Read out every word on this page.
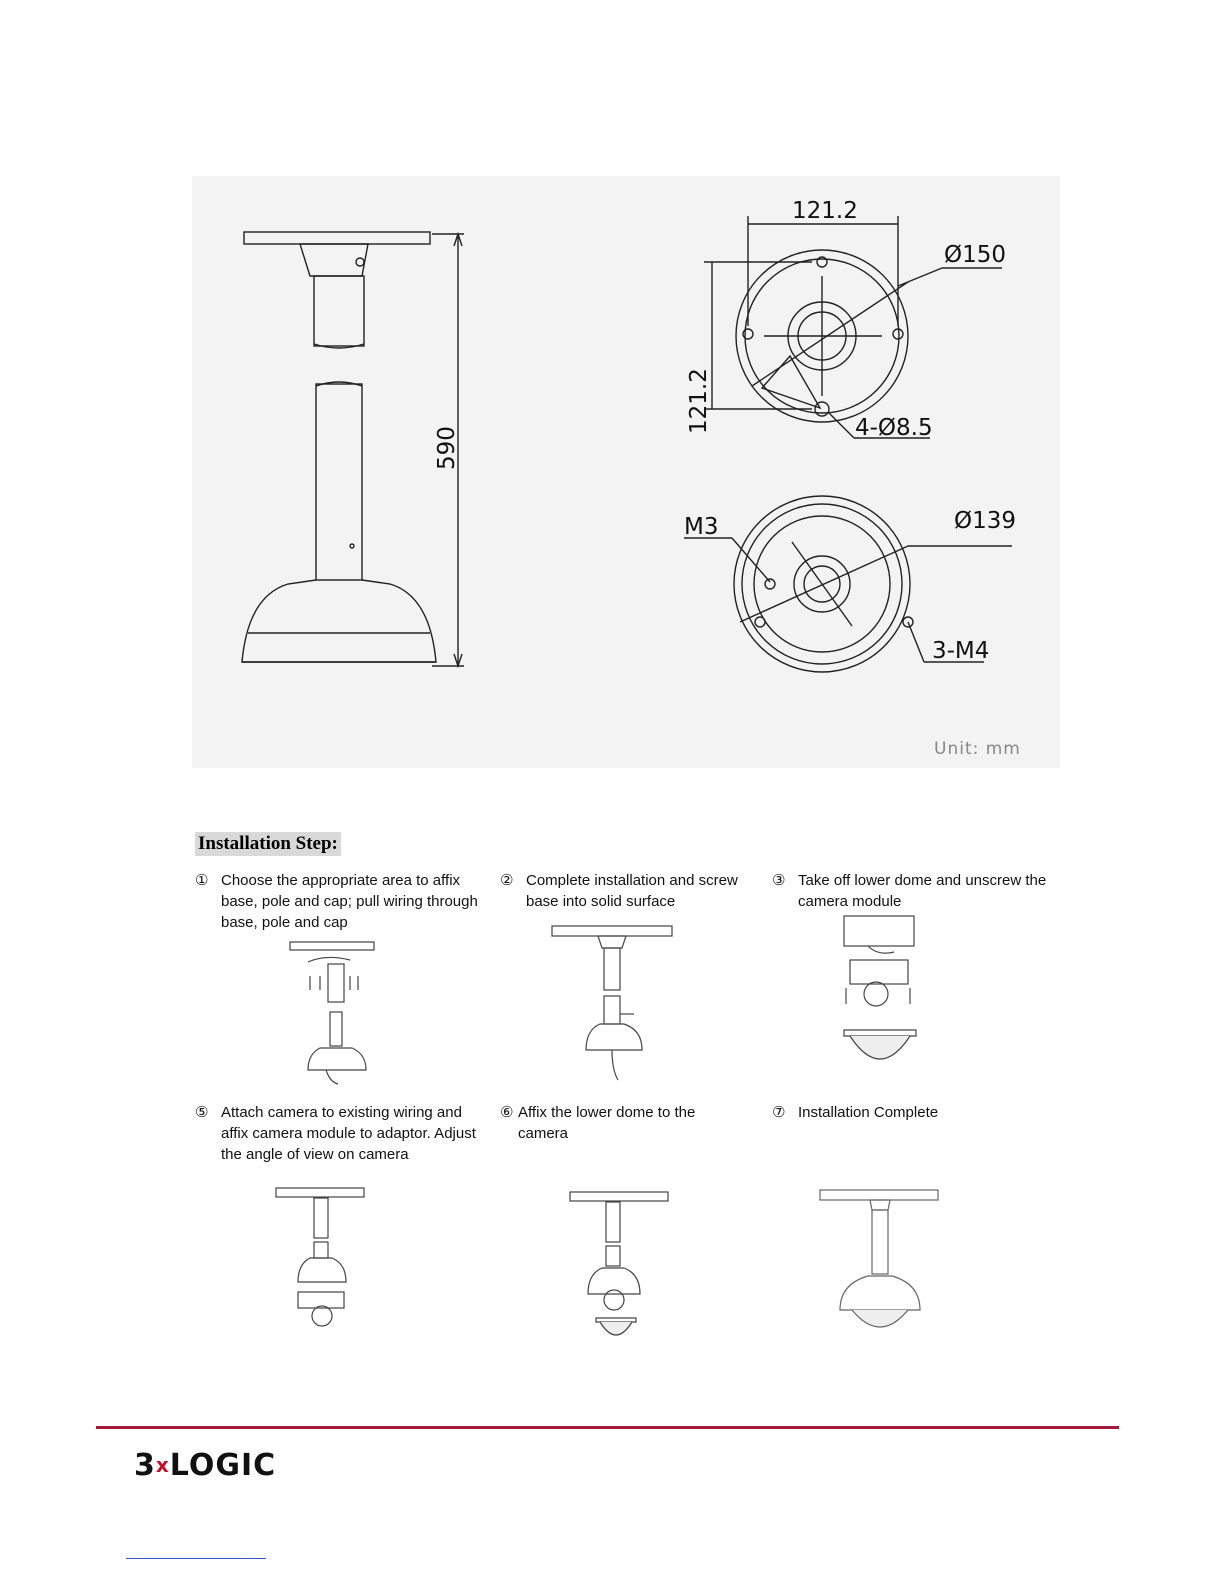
121.2
Ø150
4-Ø8.5
Ø139
M3
3-M4
121.2
590
Unit: mm
Installation Step:
① Choose the appropriate area to affix base, pole and cap; pull wiring through base, pole and cap
② Complete installation and screw base into solid surface
③ Take off lower dome and unscrew the camera module
⑤ Attach camera to existing wiring and affix camera module to adaptor. Adjust the angle of view on camera
⑥ Affix the lower dome to the camera
⑦ Installation Complete
3xLOGIC
